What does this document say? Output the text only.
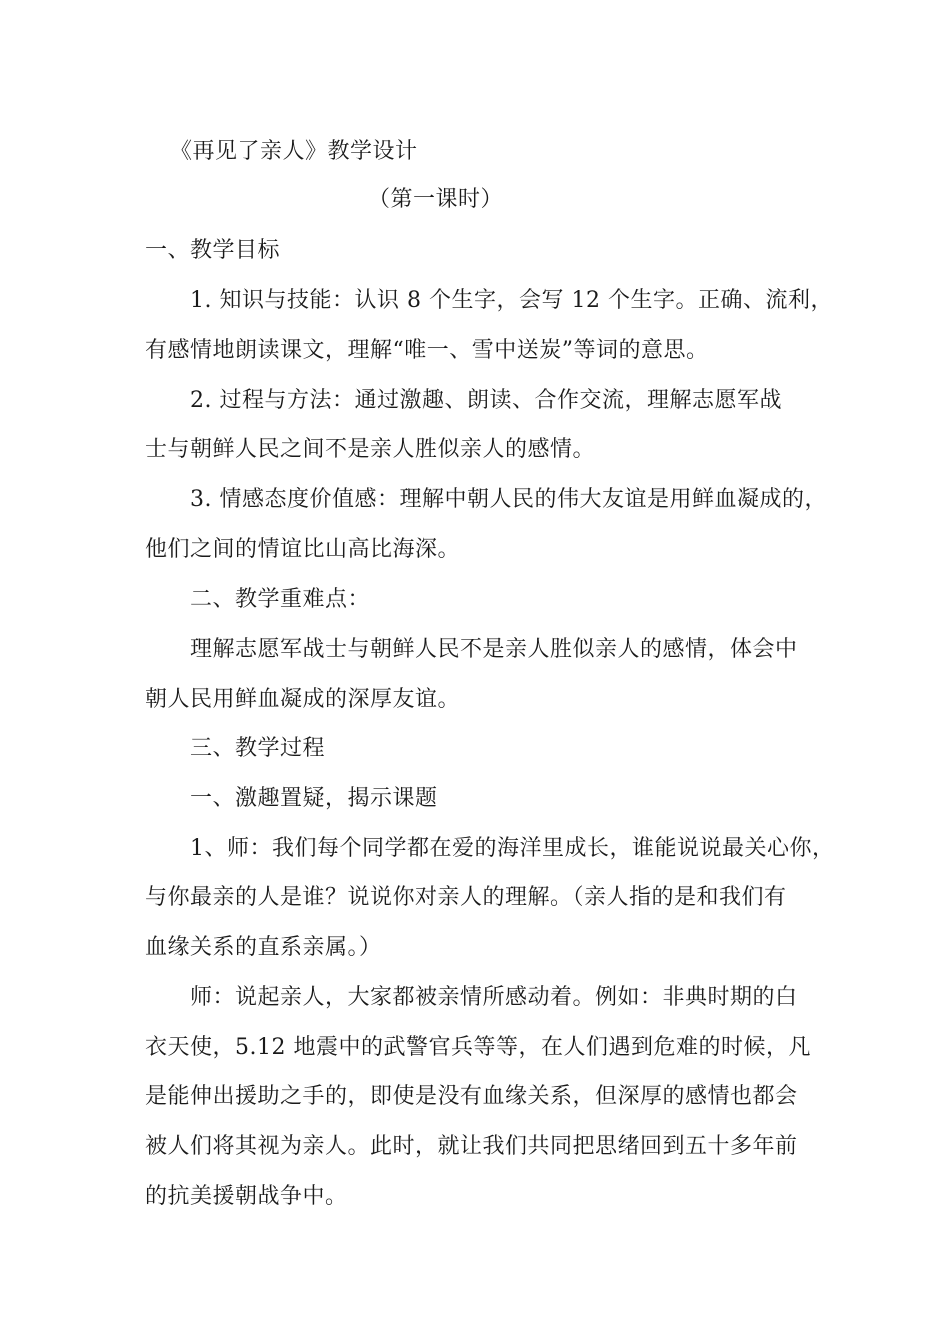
《再见了亲人》教学设计
（第一课时）
一、教学目标
1. 知识与技能：认识 8 个生字，会写 12 个生字。正确、流利，
有感情地朗读课文，理解“唯一、雪中送炭”等词的意思。
2. 过程与方法：通过激趣、朗读、合作交流，理解志愿军战
士与朝鲜人民之间不是亲人胜似亲人的感情。
3. 情感态度价值感：理解中朝人民的伟大友谊是用鲜血凝成的，
他们之间的情谊比山高比海深。
二、教学重难点：
理解志愿军战士与朝鲜人民不是亲人胜似亲人的感情，体会中
朝人民用鲜血凝成的深厚友谊。
三、教学过程
一、激趣置疑，揭示课题
1、师：我们每个同学都在爱的海洋里成长，谁能说说最关心你，
与你最亲的人是谁？说说你对亲人的理解。（亲人指的是和我们有
血缘关系的直系亲属。）
师：说起亲人，大家都被亲情所感动着。例如：非典时期的白
衣天使，5.12 地震中的武警官兵等等，在人们遇到危难的时候，凡
是能伸出援助之手的，即使是没有血缘关系，但深厚的感情也都会
被人们将其视为亲人。此时，就让我们共同把思绪回到五十多年前
的抗美援朝战争中。
